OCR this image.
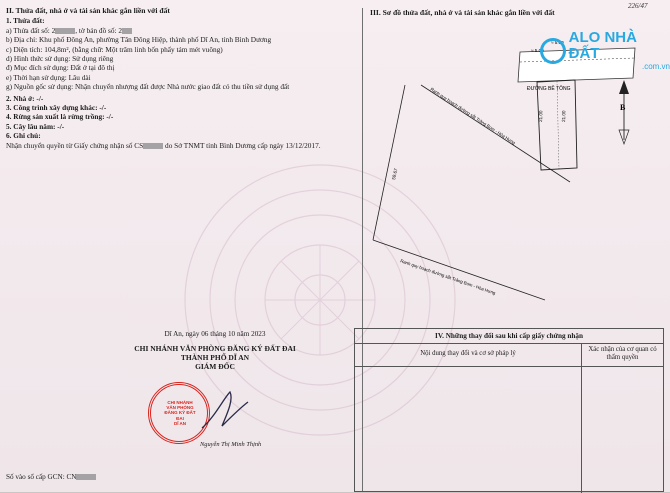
II. Thửa đất, nhà ở và tài sản khác gắn liền với đất
1. Thửa đất:
a) Thửa đất số: 2	, tờ bản đồ số: 2
b) Địa chỉ: Khu phố Đông An, phường Tân Đông Hiệp, thành phố Dĩ An, tỉnh Bình Dương
c) Diện tích: 104,8m², (bằng chữ: Một trăm linh bốn phẩy tám mét vuông)
d) Hình thức sử dụng: Sử dụng riêng
đ) Mục đích sử dụng: Đất ở tại đô thị
e) Thời hạn sử dụng: Lâu dài
g) Nguồn gốc sử dụng: Nhận chuyển nhượng đất được Nhà nước giao đất có thu tiền sử dụng đất
2. Nhà ở: -/-
3. Công trình xây dựng khác: -/-
4. Rừng sản xuất là rừng trồng: -/-
5. Cây lâu năm: -/-
6. Ghi chú:
Nhận chuyển quyền từ Giấy chứng nhận số CS	do Sở TNMT tỉnh Bình Dương cấp ngày 13/12/2017.
III. Sơ đồ thửa đất, nhà ở và tài sản khác gắn liền với đất
226/47
ĐƯỜNG BÊ TÔNG
21.00	21.00
≈ 5.00
≈ 5.00
Ranh quy hoạch đường sắt Trảng Bom - Hòa Hưng
59.67
Ranh quy hoạch đường sắt Trảng Bom - Hòa Hưng
B
ALO NHÀ ĐẤT
.com.vn
Dĩ An, ngày 06 tháng 10 năm 2023
CHI NHÁNH VĂN PHÒNG ĐĂNG KÝ ĐẤT ĐAI
THÀNH PHỐ DĨ AN
GIÁM ĐỐC
CHI NHÁNH
VĂN PHÒNG
ĐĂNG KÝ ĐẤT
ĐAI
DĨ AN
Nguyễn Thị Minh Thịnh
Số vào sổ cấp GCN: CN
IV. Những thay đổi sau khi cấp giấy chứng nhận
Nội dung thay đổi và cơ sở pháp lý
Xác nhận của cơ quan có thẩm quyền
